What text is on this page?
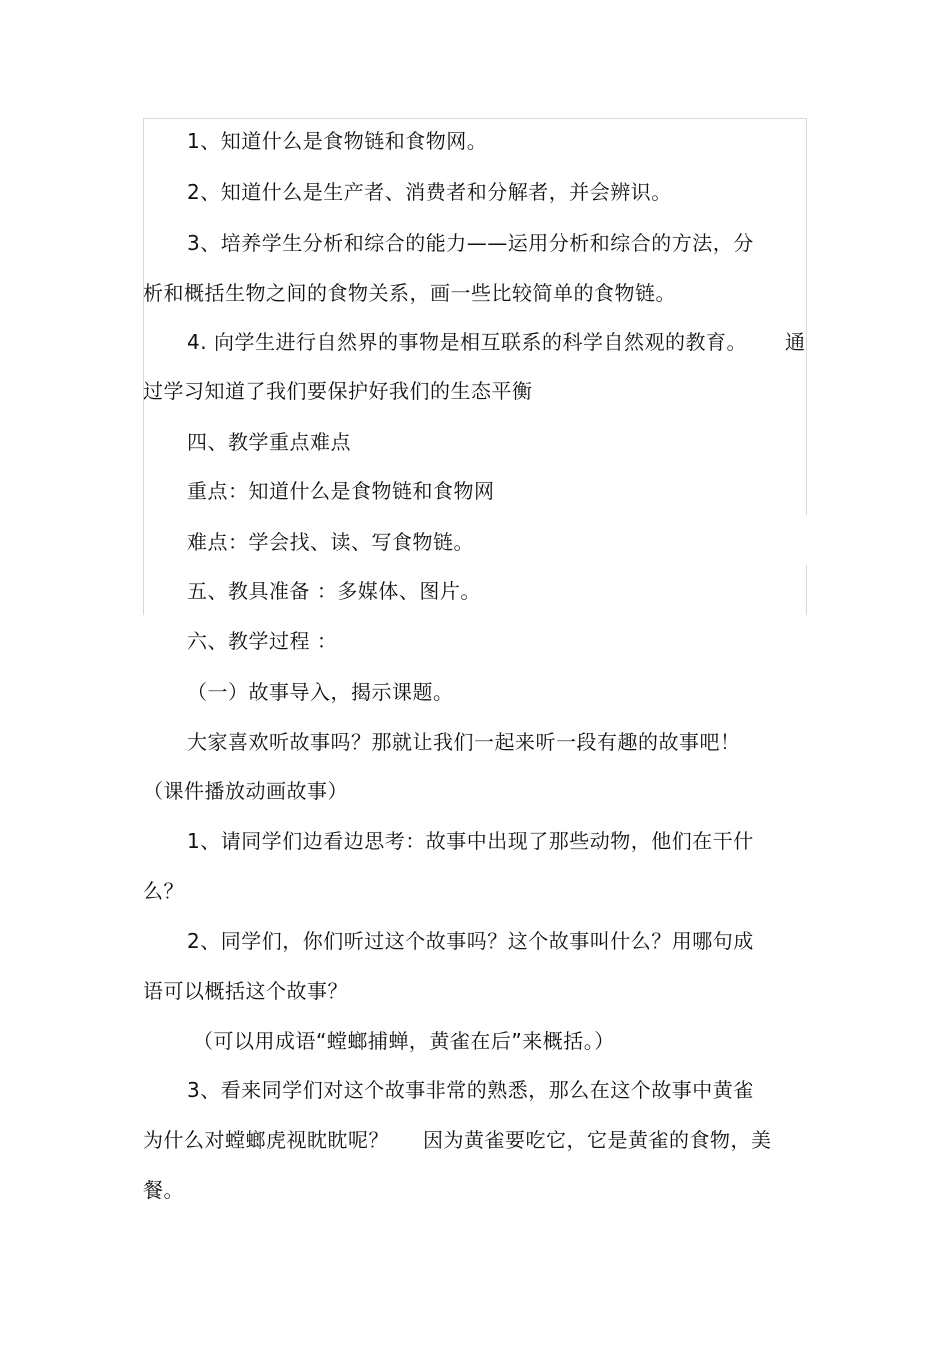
1、知道什么是食物链和食物网。
2、知道什么是生产者、消费者和分解者，并会辨识。
3、培养学生分析和综合的能力——运用分析和综合的方法，分
析和概括生物之间的食物关系，画一些比较简单的食物链。
4. 向学生进行自然界的事物是相互联系的科学自然观的教育。 通
过学习知道了我们要保护好我们的生态平衡
四、教学重点难点
重点：知道什么是食物链和食物网
难点：学会找、读、写食物链。
五、教具准备 ：多媒体、图片。
六、教学过程 ：
（一）故事导入，揭示课题。
大家喜欢听故事吗？那就让我们一起来听一段有趣的故事吧！
（课件播放动画故事）
1、请同学们边看边思考：故事中出现了那些动物，他们在干什
么？
2、同学们，你们听过这个故事吗？这个故事叫什么？用哪句成
语可以概括这个故事？
（可以用成语“螳螂捕蝉，黄雀在后”来概括。）
3、看来同学们对这个故事非常的熟悉，那么在这个故事中黄雀
为什么对螳螂虎视眈眈呢？ 因为黄雀要吃它，它是黄雀的食物，美
餐。
